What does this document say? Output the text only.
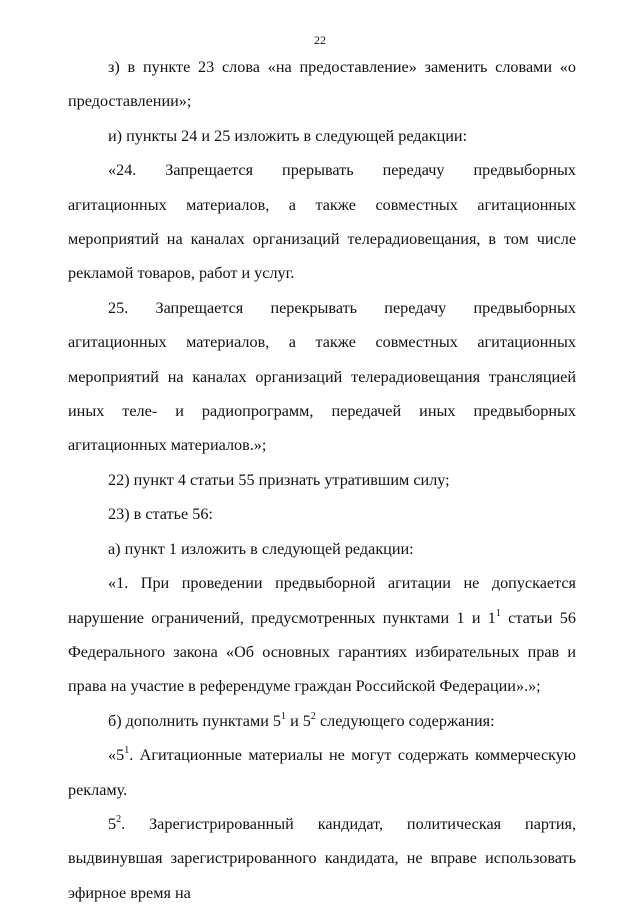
22

з) в пункте 23 слова «на предоставление» заменить словами «о предоставлении»;

и) пункты 24 и 25 изложить в следующей редакции:

«24. Запрещается прерывать передачу предвыборных агитационных материалов, а также совместных агитационных мероприятий на каналах организаций телерадиовещания, в том числе рекламой товаров, работ и услуг.

25. Запрещается перекрывать передачу предвыборных агитационных материалов, а также совместных агитационных мероприятий на каналах организаций телерадиовещания трансляцией иных теле- и радиопрограмм, передачей иных предвыборных агитационных материалов.»;

22) пункт 4 статьи 55 признать утратившим силу;

23) в статье 56:

а) пункт 1 изложить в следующей редакции:

«1. При проведении предвыборной агитации не допускается нарушение ограничений, предусмотренных пунктами 1 и $1^1$ статьи 56 Федерального закона «Об основных гарантиях избирательных прав и права на участие в референдуме граждан Российской Федерации».»;

б) дополнить пунктами $5^1$ и $5^2$ следующего содержания:

«$5^1$. Агитационные материалы не могут содержать коммерческую рекламу.

$5^2$. Зарегистрированный кандидат, политическая партия, выдвинувшая зарегистрированного кандидата, не вправе использовать эфирное время на
